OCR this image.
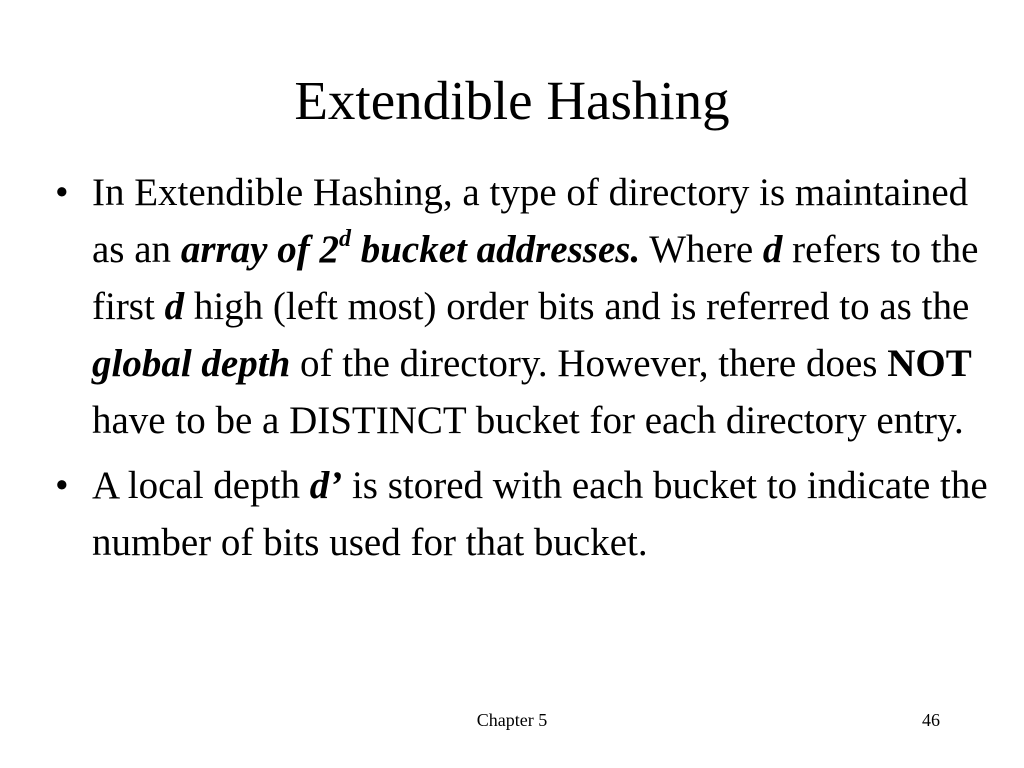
Extendible Hashing
• In Extendible Hashing, a type of directory is maintained as an array of 2$^d$ bucket addresses. Where d refers to the first d high (left most) order bits and is referred to as the global depth of the directory. However, there does NOT have to be a DISTINCT bucket for each directory entry.
• A local depth d’ is stored with each bucket to indicate the number of bits used for that bucket.
Chapter 5	46
